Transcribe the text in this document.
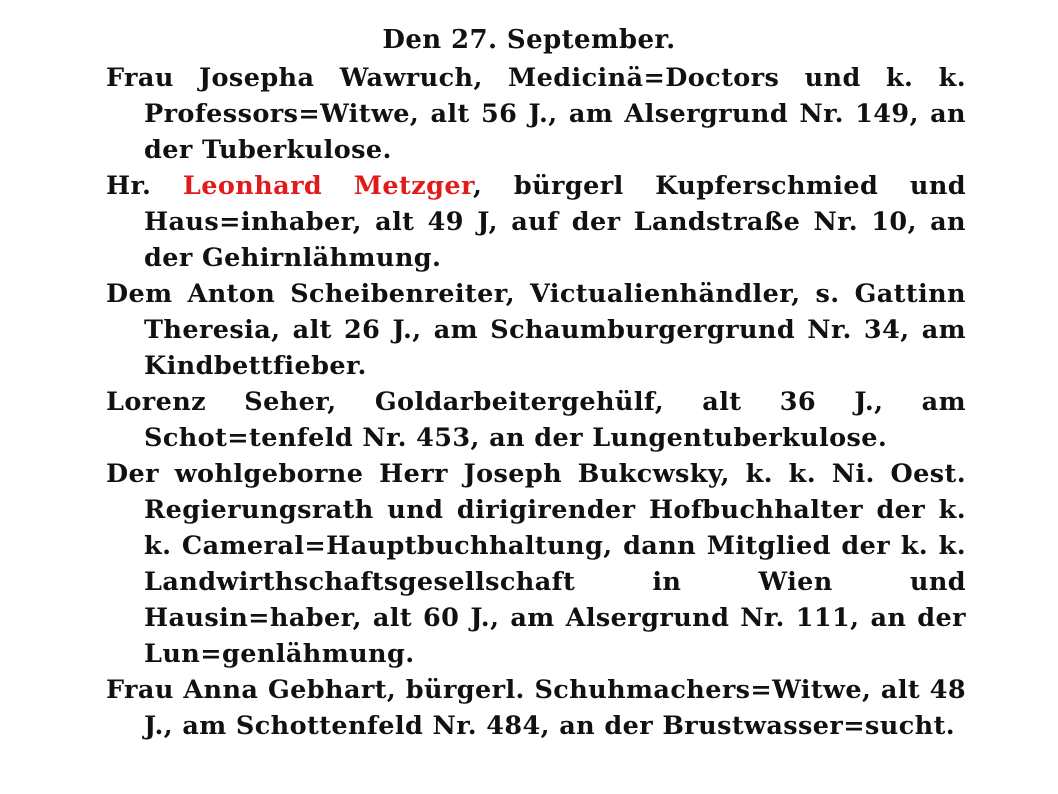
Den 27. September.

Frau Josepha Wawruch, Medicinä=Doctors und k. k. Professors=Witwe, alt 56 J., am Alsergrund Nr. 149, an der Tuberkulose.

Hr. Leonhard Metzger, bürgerl Kupferschmied und Haus=inhaber, alt 49 J, auf der Landstraße Nr. 10, an der Gehirnlähmung.

Dem Anton Scheibenreiter, Victualienhändler, s. Gattinn Theresia, alt 26 J., am Schaumburgergrund Nr. 34, am Kindbettfieber.

Lorenz Seher, Goldarbeitergehülf, alt 36 J., am Schot=tenfeld Nr. 453, an der Lungentuberkulose.

Der wohlgeborne Herr Joseph Bukcwsky, k. k. Ni. Oest. Regierungsrath und dirigirender Hofbuchhalter der k. k. Cameral=Hauptbuchhaltung, dann Mitglied der k. k. Landwirthschaftsgesellschaft in Wien und Hausin=haber, alt 60 J., am Alsergrund Nr. 111, an der Lun=genlähmung.

Frau Anna Gebhart, bürgerl. Schuhmachers=Witwe, alt 48 J., am Schottenfeld Nr. 484, an der Brustwasser=sucht.
